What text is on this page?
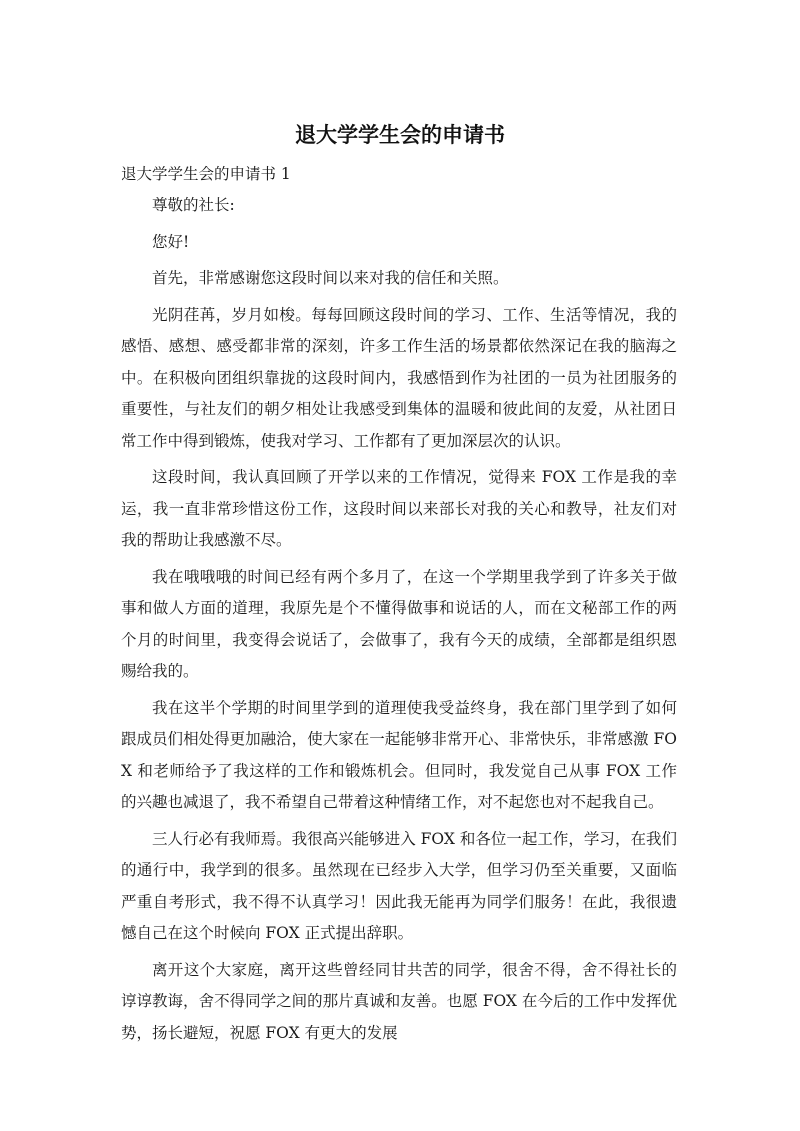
退大学学生会的申请书

退大学学生会的申请书 1

尊敬的社长:

您好!

首先，非常感谢您这段时间以来对我的信任和关照。

光阴荏苒，岁月如梭。每每回顾这段时间的学习、工作、生活等情况，我的感悟、感想、感受都非常的深刻，许多工作生活的场景都依然深记在我的脑海之中。在积极向团组织靠拢的这段时间内，我感悟到作为社团的一员为社团服务的重要性，与社友们的朝夕相处让我感受到集体的温暖和彼此间的友爱，从社团日常工作中得到锻炼，使我对学习、工作都有了更加深层次的认识。

这段时间，我认真回顾了开学以来的工作情况，觉得来 FOX 工作是我的幸运，我一直非常珍惜这份工作，这段时间以来部长对我的关心和教导，社友们对我的帮助让我感激不尽。

我在哦哦哦的时间已经有两个多月了，在这一个学期里我学到了许多关于做事和做人方面的道理，我原先是个不懂得做事和说话的人，而在文秘部工作的两个月的时间里，我变得会说话了，会做事了，我有今天的成绩，全部都是组织恩赐给我的。

我在这半个学期的时间里学到的道理使我受益终身，我在部门里学到了如何跟成员们相处得更加融洽，使大家在一起能够非常开心、非常快乐，非常感激 FOX 和老师给予了我这样的工作和锻炼机会。但同时，我发觉自己从事 FOX 工作的兴趣也减退了，我不希望自己带着这种情绪工作，对不起您也对不起我自己。

三人行必有我师焉。我很高兴能够进入 FOX 和各位一起工作，学习，在我们的通行中，我学到的很多。虽然现在已经步入大学，但学习仍至关重要，又面临严重自考形式，我不得不认真学习！因此我无能再为同学们服务！在此，我很遗憾自己在这个时候向 FOX 正式提出辞职。

离开这个大家庭，离开这些曾经同甘共苦的同学，很舍不得，舍不得社长的谆谆教诲，舍不得同学之间的那片真诚和友善。也愿 FOX 在今后的工作中发挥优势，扬长避短，祝愿 FOX 有更大的发展
